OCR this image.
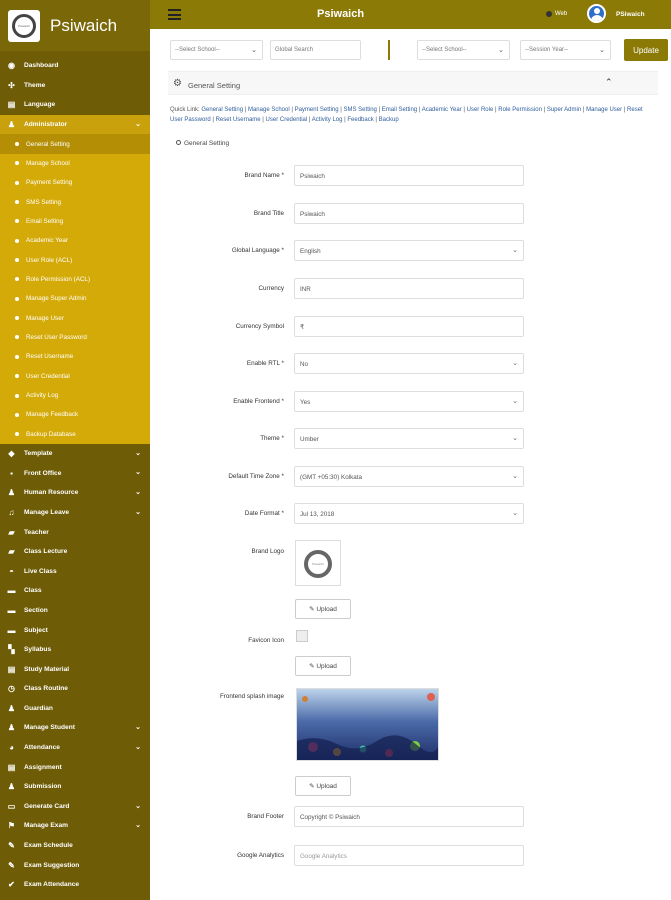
Psiwaich	Psiwaich
◉	Dashboard
✣	Theme
▤ Language
♟ Administrator	⌄
General Setting
Manage School
Payment Setting
SMS Setting
Email Setting
Academic Year
User Role (ACL)
Role Permission (ACL)
Manage Super Admin
Manage User
Reset User Password
Reset Username
User Credential
Activity Log
Manage Feedback
Backup Database
◆	Template	⌄
▪	Front Office	⌄
♟ Human Resource	⌄
♫	Manage Leave	⌄
▰	Teacher
▰	Class Lecture
◓	Live Class
▬ Class
▬ Section
▬ Subject
▚	Syllabus
▤ Study Material
◷	Class Routine
♟ Guardian
♟ Manage Student	⌄
◕	Attendance	⌄
▤ Assignment
♟ Submission
▭ Generate Card	⌄
⚑ Manage Exam	⌄
✎	Exam Schedule
✎	Exam Suggestion
✔	Exam Attendance
Psiwaich	Web	PSiwaich
--Select School--	⌄	Global Search	--Select School--	⌄	--Session Year--	⌄	Update
⚙ General Setting	⌃
Quick Link: General Setting | Manage School | Payment Setting | SMS Setting | Email Setting | Academic Year | User Role | Role Permission | Super Admin | Manage User | Reset User Password | Reset Username | User Credential | Activity Log | Feedback | Backup
General Setting
Brand Name *	Psiwaich
Brand Title	Psiwaich
Global Language *	English	⌄
Currency	INR
Currency Symbol	₹
Enable RTL *	No	⌄
Enable Frontend *	Yes	⌄
Theme *	Umber	⌄
Default Time Zone *	(GMT +05:30) Kolkata	⌄
Date Format *	Jul 13, 2018	⌄
Brand Logo
Psiwaich
✎ Upload
Favicon Icon
✎ Upload
Frontend splash image
✎ Upload
Brand Footer	Copyright © Psiwaich
Google Analytics	Google Analytics
